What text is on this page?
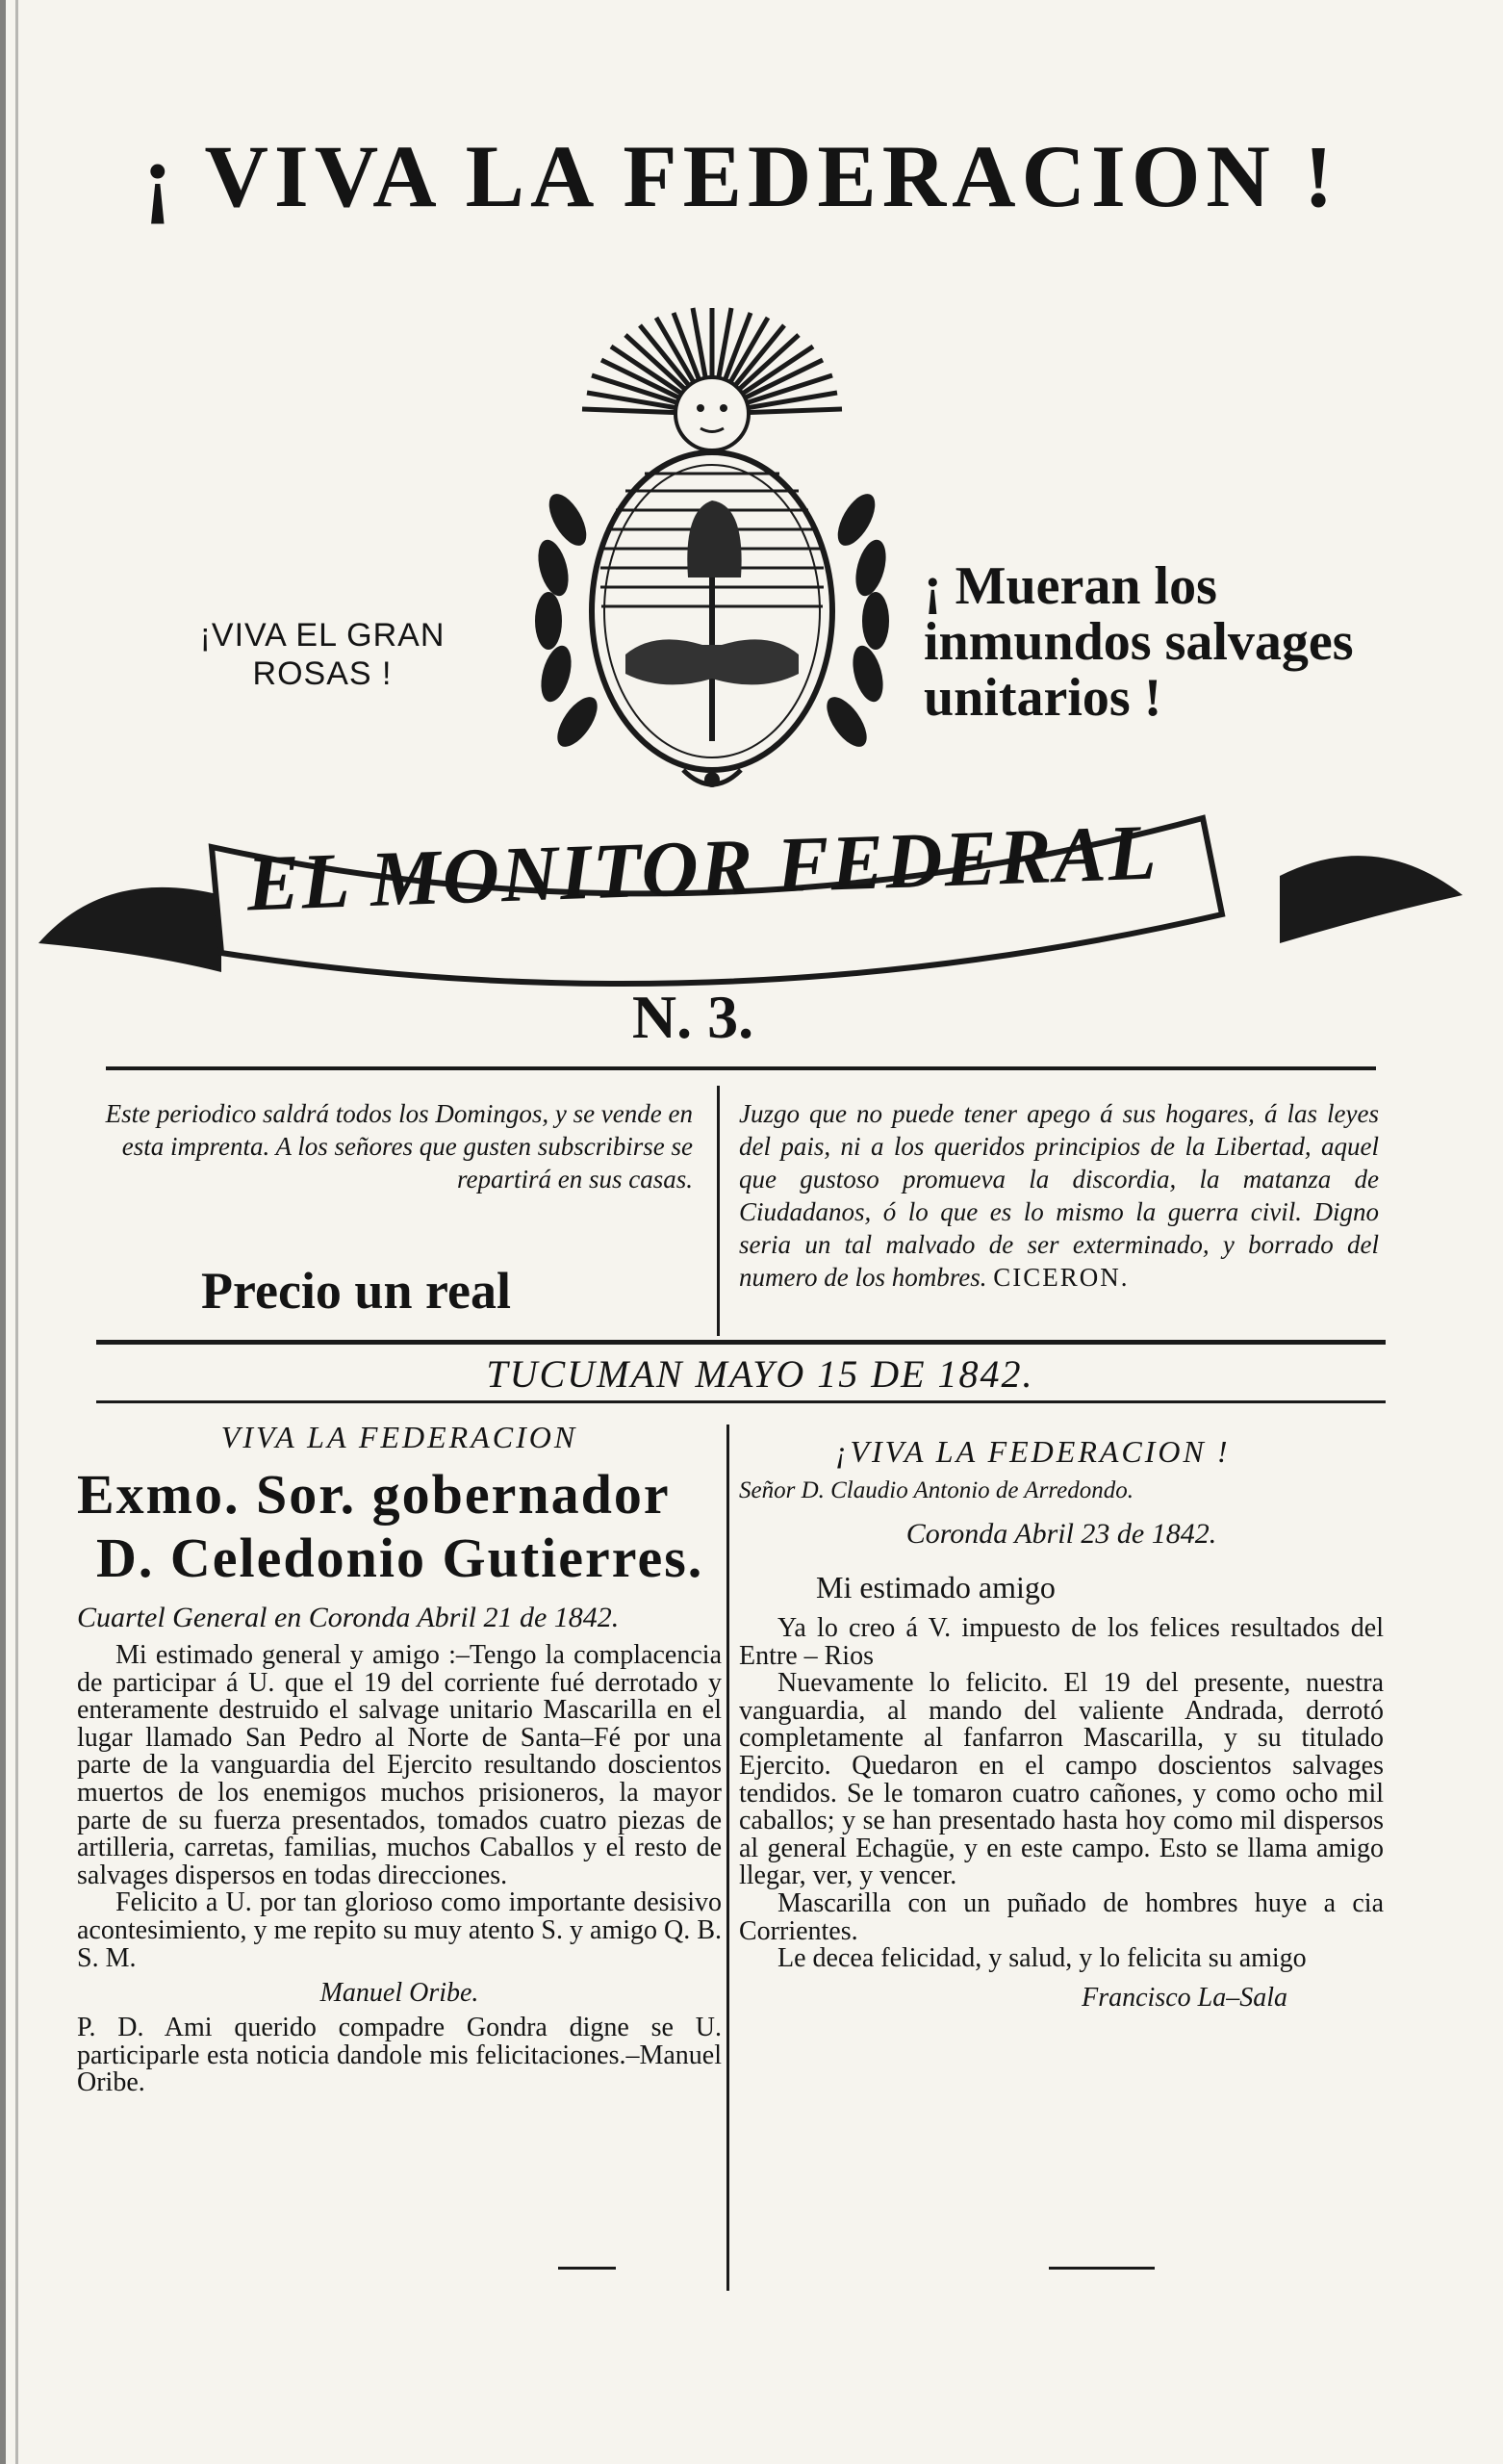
¡ VIVA LA FEDERACION !
¡VIVA EL GRAN ROSAS !
¡ Mueran los inmundos salvages unitarios !
EL MONITOR FEDERAL
N. 3.
Este periodico saldrá todos los Domingos, y se vende en esta imprenta. A los señores que gusten subscribirse se repartirá en sus casas.
Precio un real
Juzgo que no puede tener apego á sus hogares, á las leyes del pais, ni a los queridos principios de la Libertad, aquel que gustoso promueva la discordia, la matanza de Ciudadanos, ó lo que es lo mismo la guerra civil. Digno seria un tal malvado de ser exterminado, y borrado del numero de los hombres. CICERON.
TUCUMAN MAYO 15 DE 1842.
VIVA LA FEDERACION
Exmo. Sor. gobernador
D. Celedonio Gutierres.
Cuartel General en Coronda Abril 21 de 1842.

Mi estimado general y amigo :–Tengo la complacencia de participar á U. que el 19 del corriente fué derrotado y enteramente destruido el salvage unitario Mascarilla en el lugar llamado San Pedro al Norte de Santa–Fé por una parte de la vanguardia del Ejercito resultando doscientos muertos de los enemigos muchos prisioneros, la mayor parte de su fuerza presentados, tomados cuatro piezas de artilleria, carretas, familias, muchos Caballos y el resto de salvages dispersos en todas direcciones.

Felicito a U. por tan glorioso como importante desisivo acontesimiento, y me repito su muy atento S. y amigo Q. B. S. M.

Manuel Oribe.

P. D. Ami querido compadre Gondra digne se U. participarle esta noticia dandole mis felicitaciones.–Manuel Oribe.

¡VIVA LA FEDERACION !
Señor D. Claudio Antonio de Arredondo.
Coronda Abril 23 de 1842.
Mi estimado amigo

Ya lo creo á V. impuesto de los felices resultados del Entre – Rios

Nuevamente lo felicito. El 19 del presente, nuestra vanguardia, al mando del valiente Andrada, derrotó completamente al fanfarron Mascarilla, y su titulado Ejercito. Quedaron en el campo doscientos salvages tendidos. Se le tomaron cuatro cañones, y como ocho mil caballos; y se han presentado hasta hoy como mil dispersos al general Echagüe, y en este campo. Esto se llama amigo llegar, ver, y vencer.

Mascarilla con un puñado de hombres huye a cia Corrientes.

Le decea felicidad, y salud, y lo felicita su amigo

Francisco La–Sala
